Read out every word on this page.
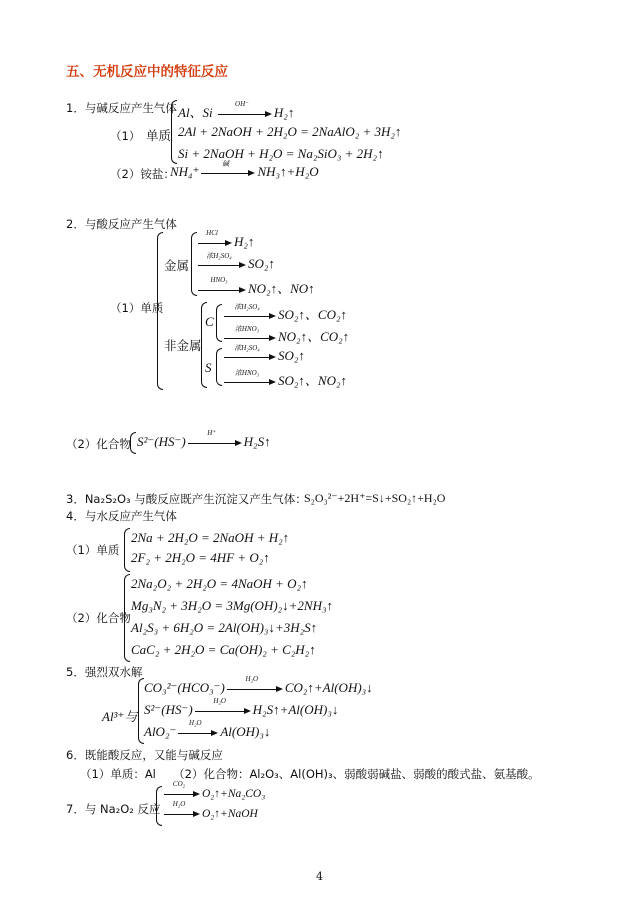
五、无机反应中的特征反应
1．与碱反应产生气体
（1） 单质
Al、Si
OH⁻
H₂↑
2Al + 2NaOH + 2H₂O = 2NaAlO₂ + 3H₂↑
Si + 2NaOH + H₂O = Na₂SiO₃ + 2H₂↑
（2）铵盐：
NH₄⁺	碱	NH₃↑+H₂O
2．与酸反应产生气体
（1）单质
金属
HCl
H₂↑
浓H₂SO₄	SO₂↑
HNO₃
NO₂↑、NO↑
非金属
C
浓H₂SO₄	SO₂↑、CO₂↑
浓HNO₃	NO₂↑、CO₂↑
S
浓H₂SO₄	SO₂↑
浓HNO₃	SO₂↑、NO₂↑
（2）化合物 S²⁻(HS⁻)
H⁺
H₂S↑
3．Na₂S₂O₃ 与酸反应既产生沉淀又产生气体：
S₂O₃²⁻+2H⁺=S↓+SO₂↑+H₂O
4．与水反应产生气体
（1）单质
2Na + 2H₂O = 2NaOH + H₂↑
2F₂ + 2H₂O = 4HF + O₂↑
（2）化合物
2Na₂O₂ + 2H₂O = 4NaOH + O₂↑
Mg₃N₂ + 3H₂O = 3Mg(OH)₂↓+2NH₃↑
Al₂S₃ + 6H₂O = 2Al(OH)₃↓+3H₂S↑
CaC₂ + 2H₂O = Ca(OH)₂ + C₂H₂↑
5．强烈双水解
Al³⁺与
CO₃²⁻(HCO₃⁻)
H₂O
CO₂↑+Al(OH)₃↓
S²⁻(HS⁻)
H₂O
H₂S↑+Al(OH)₃↓
AlO₂⁻
H₂O
Al(OH)₃↓
6．既能酸反应，又能与碱反应
（1）单质：Al　　（2）化合物：Al₂O₃、Al(OH)₃、弱酸弱碱盐、弱酸的酸式盐、氨基酸。
7．与 Na₂O₂ 反应
CO₂
O₂↑+Na₂CO₃
H₂O
O₂↑+NaOH
4
